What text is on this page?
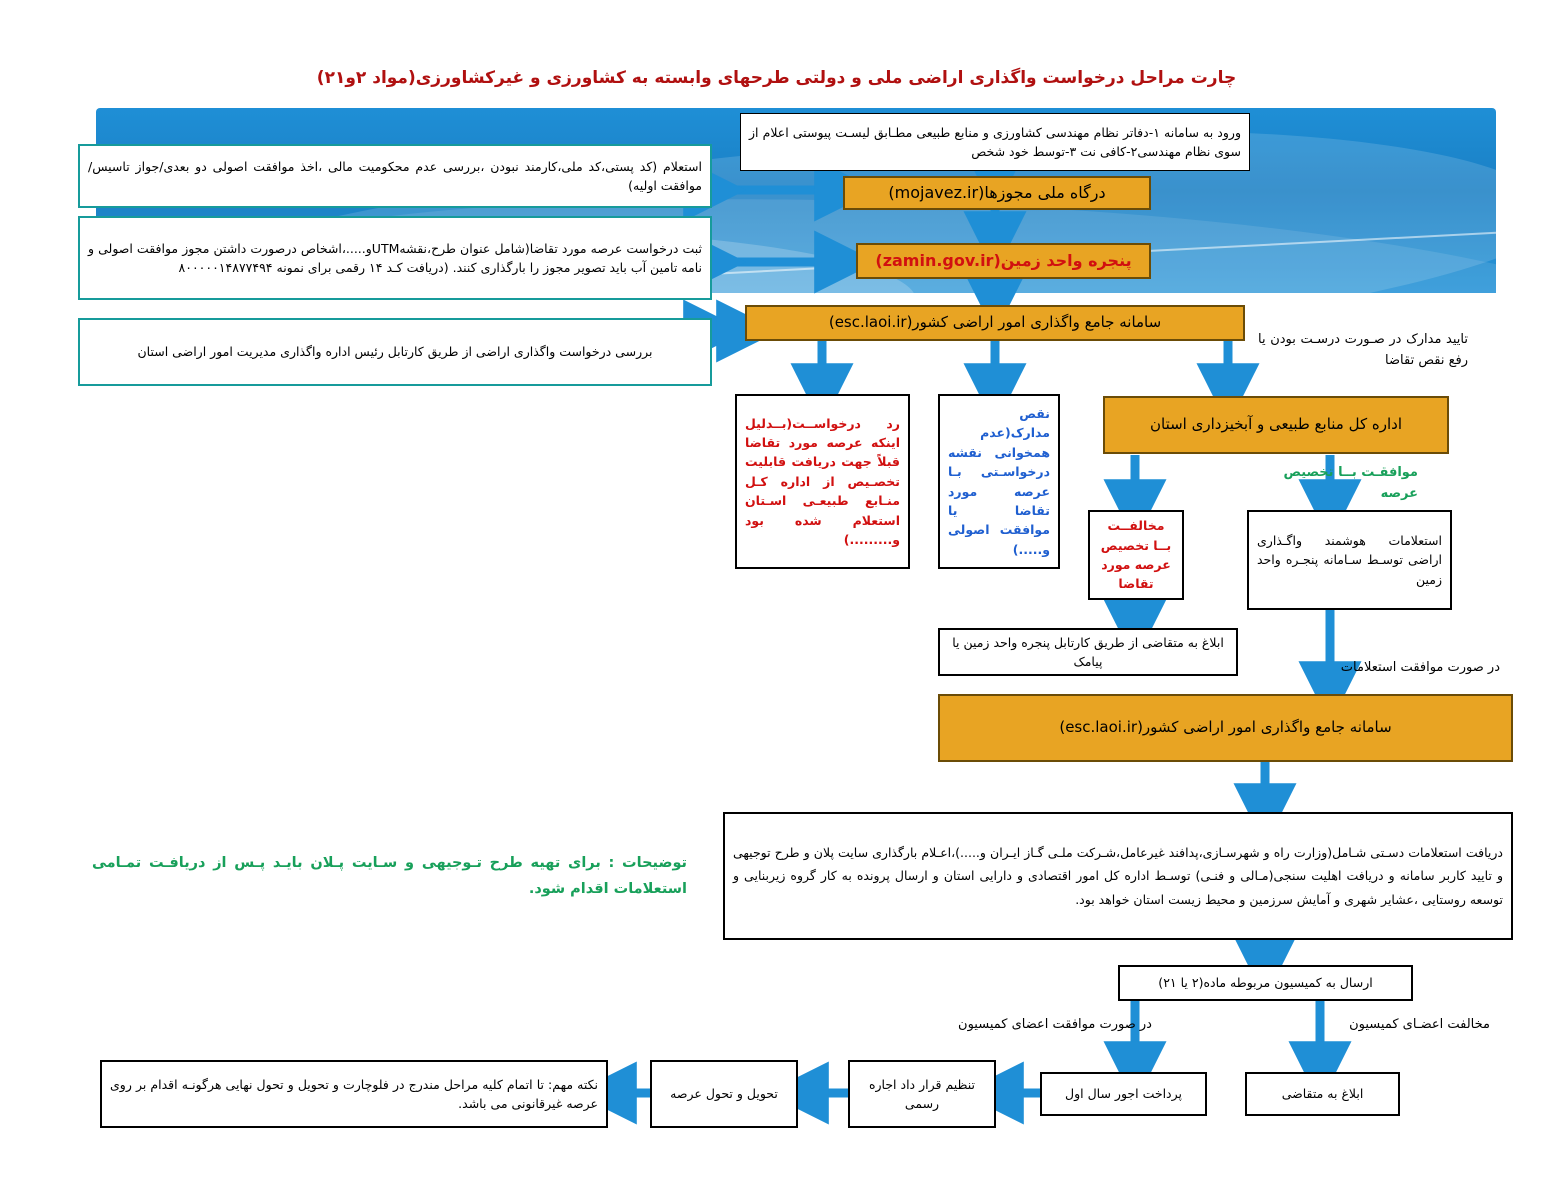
چارت مراحل درخواست واگذاری اراضی ملی و دولتی طرحهای وابسته به کشاورزی و غیرکشاورزی(مواد ۲و۲۱)
ورود به سامانه ۱-دفاتر نظام مهندسی کشاورزی و منابع طبیعی مطـابق لیسـت پیوستی اعلام از سوی نظام مهندسی۲-کافی نت ۳-توسط خود شخص
درگاه ملی مجوز‌ها(mojavez.ir)
پنجره واحد زمین(zamin.gov.ir)
سامانه جامع واگذاری امور اراضی کشور(esc.laoi.ir)
استعلام (کد پستی،کد ملی،کارمند نبودن ،بررسی عدم محکومیت مالی ،اخذ موافقت اصولی دو بعدی/جواز تاسیس/موافقت اولیه)
ثبت درخواست عرصه مورد تقاضا(شامل عنوان طرح،نقشهUTMو.....،اشخاص درصورت داشتن مجوز موافقت اصولی و نامه تامین آب باید تصویر مجوز را بارگذاری کنند. (دریافت کـد ۱۴ رقمی برای نمونه ۸۰۰۰۰۰۱۴۸۷۷۴۹۴
بررسی درخواست واگذاری اراضی از طریق کارتابل رئیس اداره واگذاری مدیریت امور اراضی استان
رد درخواســت(بــدلیل اینکه عرصه مورد تقاضا قبلاً جهت دریافت قابلیت تخصـیص از اداره کـل منـابع طبیعـی اسـتان استعلام شده بود و.........)
نقص مدارک(عدم همخوانی نقشه درخواسـتی بـا عرصه مورد تقاضا یا موافقت اصولی و.....)
اداره کل منابع طبیعی و آبخیزداری استان
تایید مدارک در صـورت درسـت بودن یا رفع نقص تقاضا
موافقـت بــا تخصیص عرصه
مخالفــت بــا تخصیص عرصه مورد تقاضا
استعلامات هوشمند واگـذاری اراضی توسـط سـامانه پنجـره واحد زمین
ابلاغ به متقاضی از طریق کارتابل پنجره واحد زمین یا پیامک	در صورت موافقت استعلامات
سامانه جامع واگذاری امور اراضی کشور(esc.laoi.ir)
دریافت استعلامات دسـتی شـامل(وزارت راه و شهرسـازی،پدافند غیرعامل،شـرکت ملـی گـاز ایـران و.....)،اعـلام بارگذاری سایت پلان و طرح توجیهی و تایید کاربر سامانه و دریافت اهلیت سنجی(مـالی و فنـی) توسـط اداره کل امور اقتصادی و دارایی استان و ارسال پرونده به کار گروه زیربنایی و توسعه روستایی ،عشایر شهری و آمایش سرزمین و محیط زیست استان خواهد بود.
توضیحات : برای تهیه طرح تـوجیهی و سـایت پـلان بایـد پـس از دریافـت تمـامی استعلامات اقدام شود.
ارسال به کمیسیون مربوطه ماده(۲ یا ۲۱)
در صورت موافقت اعضای کمیسیون	مخالفت اعضـای کمیسیون
ابلاغ به متقاضی
پرداخت اجور سال اول
تنظیم قرار داد اجاره رسمی
تحویل و تحول عرصه
نکته مهم: تا اتمام کلیه مراحل مندرج در فلوچارت و تحویل و تحول نهایی هرگونـه اقدام بر روی عرصه غیرقانونی می باشد.
